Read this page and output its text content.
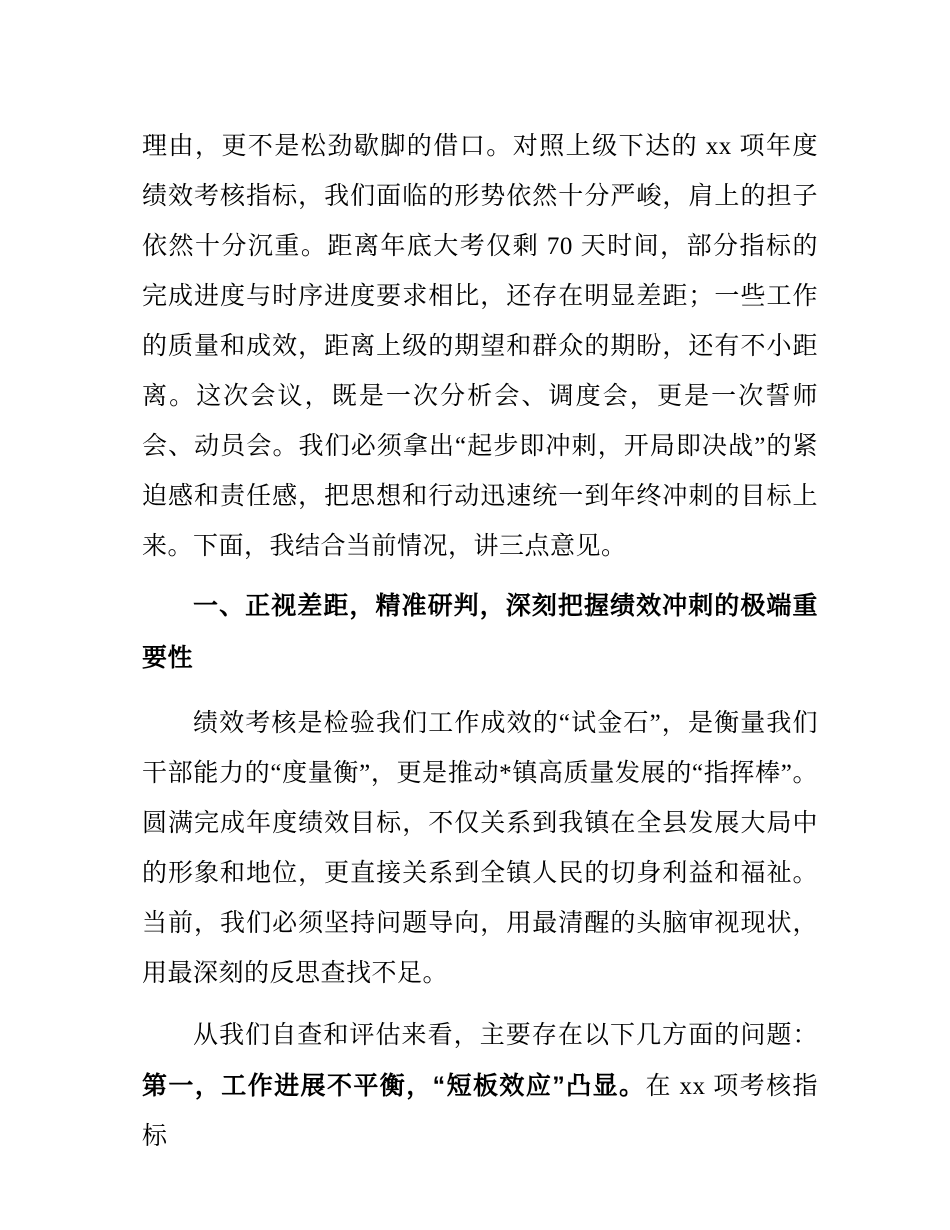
理由，更不是松劲歇脚的借口。对照上级下达的 xx 项年度绩效考核指标，我们面临的形势依然十分严峻，肩上的担子依然十分沉重。距离年底大考仅剩 70 天时间，部分指标的完成进度与时序进度要求相比，还存在明显差距；一些工作的质量和成效，距离上级的期望和群众的期盼，还有不小距离。这次会议，既是一次分析会、调度会，更是一次誓师会、动员会。我们必须拿出“起步即冲刺，开局即决战”的紧迫感和责任感，把思想和行动迅速统一到年终冲刺的目标上来。下面，我结合当前情况，讲三点意见。

一、正视差距，精准研判，深刻把握绩效冲刺的极端重要性

绩效考核是检验我们工作成效的“试金石”，是衡量我们干部能力的“度量衡”，更是推动*镇高质量发展的“指挥棒”。圆满完成年度绩效目标，不仅关系到我镇在全县发展大局中的形象和地位，更直接关系到全镇人民的切身利益和福祉。当前，我们必须坚持问题导向，用最清醒的头脑审视现状，用最深刻的反思查找不足。

从我们自查和评估来看，主要存在以下几方面的问题：第一，工作进展不平衡，“短板效应”凸显。在 xx 项考核指标
